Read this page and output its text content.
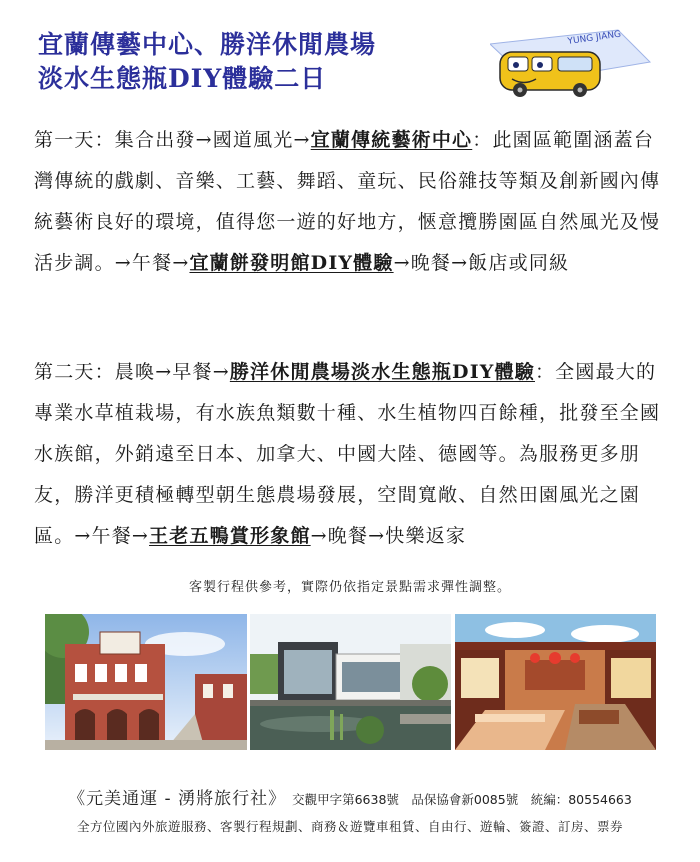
宜蘭傳藝中心、勝洋休閒農場
淡水生態瓶DIY體驗二日
YUNG JIANG
第一天：集合出發→國道風光→宜蘭傳統藝術中心：此園區範圍涵蓋台灣傳統的戲劇、音樂、工藝、舞蹈、童玩、民俗雜技等類及創新國內傳統藝術良好的環境，值得您一遊的好地方，愜意攬勝園區自然風光及慢活步調。→午餐→宜蘭餅發明館DIY體驗→晚餐→飯店或同級
第二天：晨喚→早餐→勝洋休閒農場淡水生態瓶DIY體驗：全國最大的專業水草植栽場，有水族魚類數十種、水生植物四百餘種，批發至全國水族館，外銷遠至日本、加拿大、中國大陸、德國等。為服務更多朋友，勝洋更積極轉型朝生態農場發展，空間寬敞、自然田園風光之園區。→午餐→王老五鴨賞形象館→晚餐→快樂返家
客製行程供參考，實際仍依指定景點需求彈性調整。
《元美通運 - 湧將旅行社》 交觀甲字第6638號　品保協會新0085號　統編：80554663
全方位國內外旅遊服務、客製行程規劃、商務＆遊覽車租賃、自由行、遊輪、簽證、訂房、票券
